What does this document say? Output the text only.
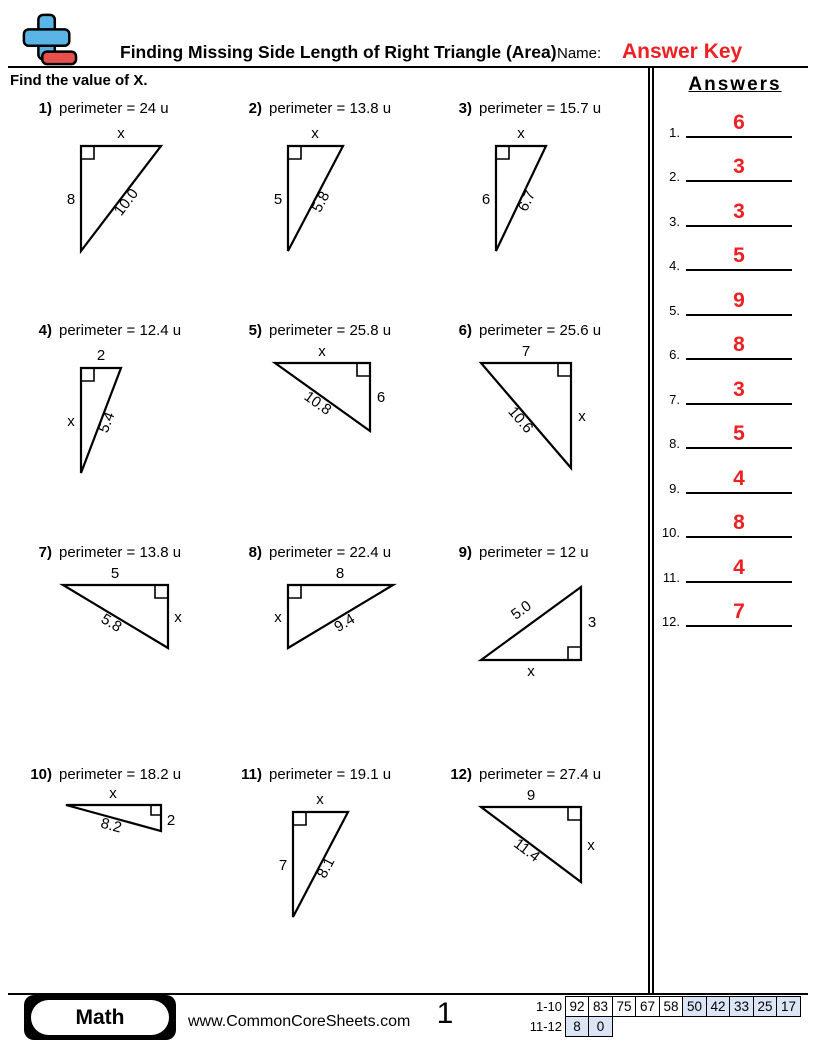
Finding Missing Side Length of Right Triangle (Area) Name: Answer Key
Find the value of X.
1) perimeter = 24 u
x
8 10.0
2) perimeter = 13.8 u
x
5 5.8
3) perimeter = 15.7 u
x
6 6.7
4) perimeter = 12.4 u
2
x 5.4
5) perimeter = 25.8 u
x
6
10.8
6) perimeter = 25.6 u
7
x
10.6
7) perimeter = 13.8 u
5
x
5.8
8) perimeter = 22.4 u
8
x	9.4
9) perimeter = 12 u
x
3
5.0
10) perimeter = 18.2 u
x
2
8.2
11) perimeter = 19.1 u
x
7 8.1
12) perimeter = 27.4 u
9
x
11.4
Answers
1.	6
2.	3
3.	3
4.	5
5.	9
6.	8
7.	3
8.	5
9.	4
10.	8
11.	4
12.	7
Math	www.CommonCoreSheets.com 1	1-10 92 83 75 67 58 50 42 33 25 17
11-12 8	0
